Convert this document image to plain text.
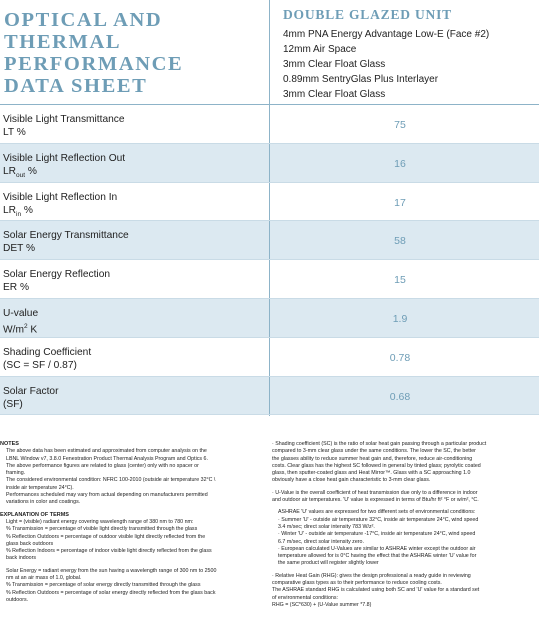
OPTICAL AND
THERMAL
PERFORMANCE
DATA SHEET
DOUBLE GLAZED UNIT
4mm PNA Energy Advantage Low-E (Face #2)
12mm Air Space
3mm Clear Float Glass
0.89mm SentryGlas Plus Interlayer
3mm Clear Float Glass
Visible Light Transmittance
LT %
75
Visible Light Reflection Out
$LR_{out}$ %
16
Visible Light Reflection In
$LR_{in}$ %
17
Solar Energy Transmittance
DET %
58
Solar Energy Reflection
ER %
15
U-value
$W/m^2$ K
1.9
Shading Coefficient
(SC = SF / 0.87)
0.78
Solar Factor
(SF)
0.68
NOTES

The above data has been estimated and approximated from computer analysis on the

LBNL Window v7, 3.8.0 Fenestration Product Thermal Analysis Program and Optics 6.

The above performance figures are related to glass (center) only with no spacer or

framing.

The considered environmental condition: NFRC 100-2010 (outside air temperature 32°C \

inside air temperature 24°C).

Performances scheduled may vary from actual depending on manufacturers permitted

variations in color and coatings.

EXPLANATION OF TERMS

Light = (visible) radiant energy covering wavelength range of 380 nm to 780 nm:

% Transmission = percentage of visible light directly transmitted through the glass

% Reflection Outdoors = percentage of outdoor visible light directly reflected from the

glass back outdoors

% Reflection Indoors = percentage of indoor visible light directly reflected from the glass

back indoors

Solar Energy = radiant energy from the sun having a wavelength range of 300 nm to 2500

nm at an air mass of 1.0, global.

% Transmission = percentage of solar energy directly transmitted through the glass

% Reflection Outdoors = percentage of solar energy directly reflected from the glass back

outdoors.

· Shading coefficient (SC) is the ratio of solar heat gain passing through a particular product

compared to 3-mm clear glass under the same conditions. The lower the SC, the better

the glasses ability to reduce summer heat gain and, therefore, reduce air-conditioning

costs. Clear glass has the highest SC followed in general by tinted glass; pyrolytic coated

glass, then sputter-coated glass and Heat Mirror™. Glass with a SC approaching 1.0

obviously have a close heat gain characteristic to 3-mm clear glass.

· U-Value is the overall coefficient of heat transmission due only to a difference in indoor

and outdoor air temperatures. 'U' value is expressed in terms of Btu/hr ft² °F or w/m², °C.

ASHRAE 'U' values are expressed for two different sets of environmental conditions:

· Summer 'U' - outside air temperature 32°C, inside air temperature 24°C, wind speed

3.4 m/sec; direct solar intensity 783 W/z².

· Winter 'U' - outside air temperature -17°C, inside air temperature 24°C, wind speed

6.7 m/sec, direct solar intensity zero.

· European calculated U-Values are similar to ASHRAE winter except the outdoor air

temperature allowed for is 0°C having the effect that the ASHRAE winter 'U' value for

the same product will register slightly lower

· Relative Heat Gain (RHG): gives the design professional a ready guide in reviewing

comparative glass types as to their performance to reduce cooling costs.

The ASHRAE standard RHG is calculated using both SC and 'U' value for a standard set

of environmental conditions:

RHG = (SC*630) + (U-Value summer *7.8)
